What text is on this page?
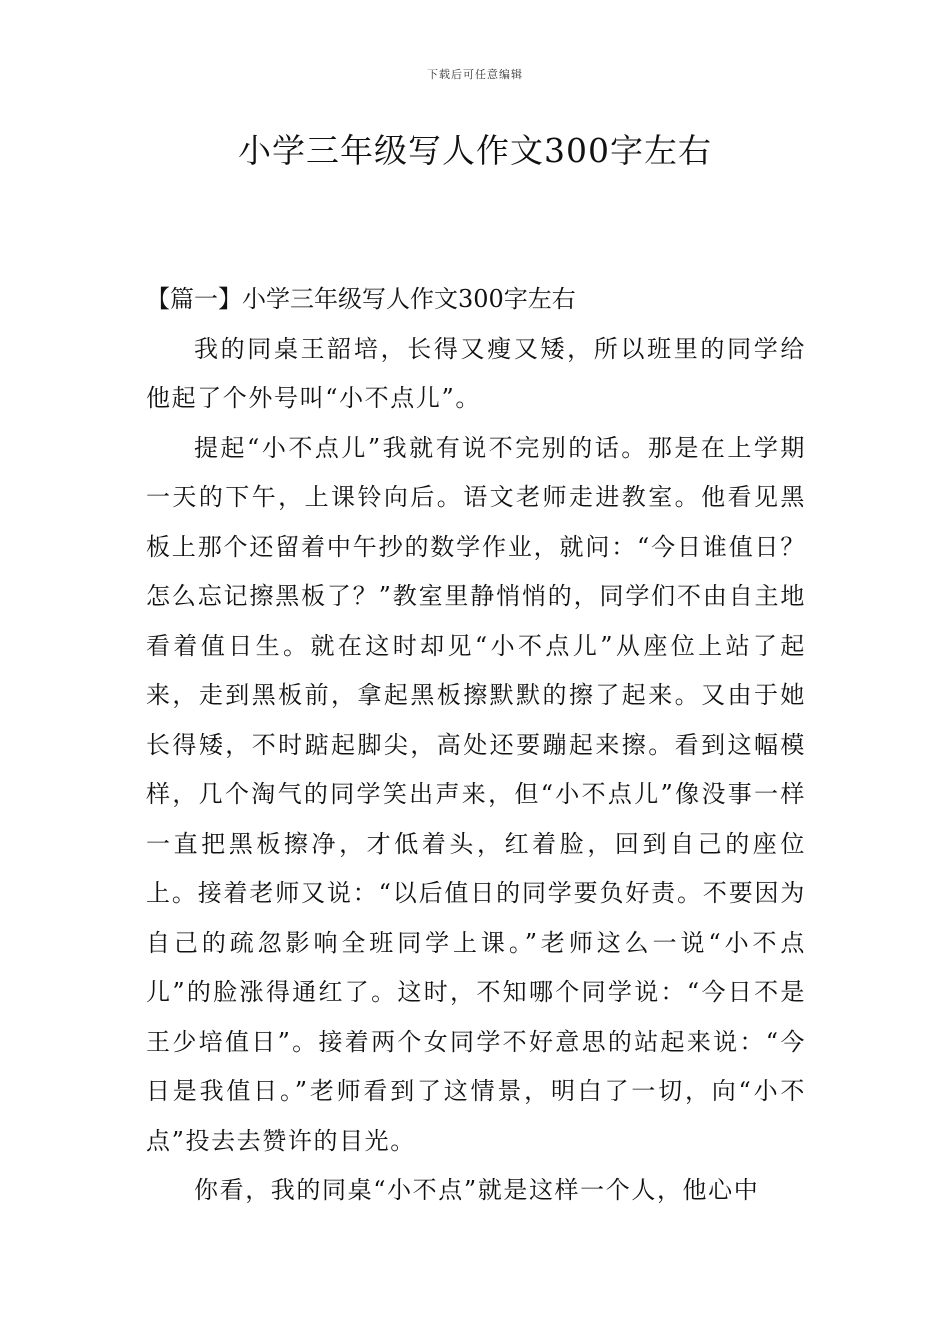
下载后可任意编辑
小学三年级写人作文300字左右

【篇一】小学三年级写人作文300字左右

我的同桌王韶培，长得又瘦又矮，所以班里的同学给他起了个外号叫“小不点儿”。

提起“小不点儿”我就有说不完别的话。那是在上学期一天的下午，上课铃向后。语文老师走进教室。他看见黑板上那个还留着中午抄的数学作业，就问：“今日谁值日？怎么忘记擦黑板了？”教室里静悄悄的，同学们不由自主地看着值日生。就在这时却见“小不点儿”从座位上站了起来，走到黑板前，拿起黑板擦默默的擦了起来。又由于她长得矮，不时踮起脚尖，高处还要蹦起来擦。看到这幅模样，几个淘气的同学笑出声来，但“小不点儿”像没事一样一直把黑板擦净，才低着头，红着脸，回到自己的座位上。接着老师又说：“以后值日的同学要负好责。不要因为自己的疏忽影响全班同学上课。”老师这么一说“小不点儿”的脸涨得通红了。这时，不知哪个同学说：“今日不是王少培值日”。接着两个女同学不好意思的站起来说：“今日是我值日。”老师看到了这情景，明白了一切，向“小不点”投去去赞许的目光。

你看，我的同桌“小不点”就是这样一个人，他心中
